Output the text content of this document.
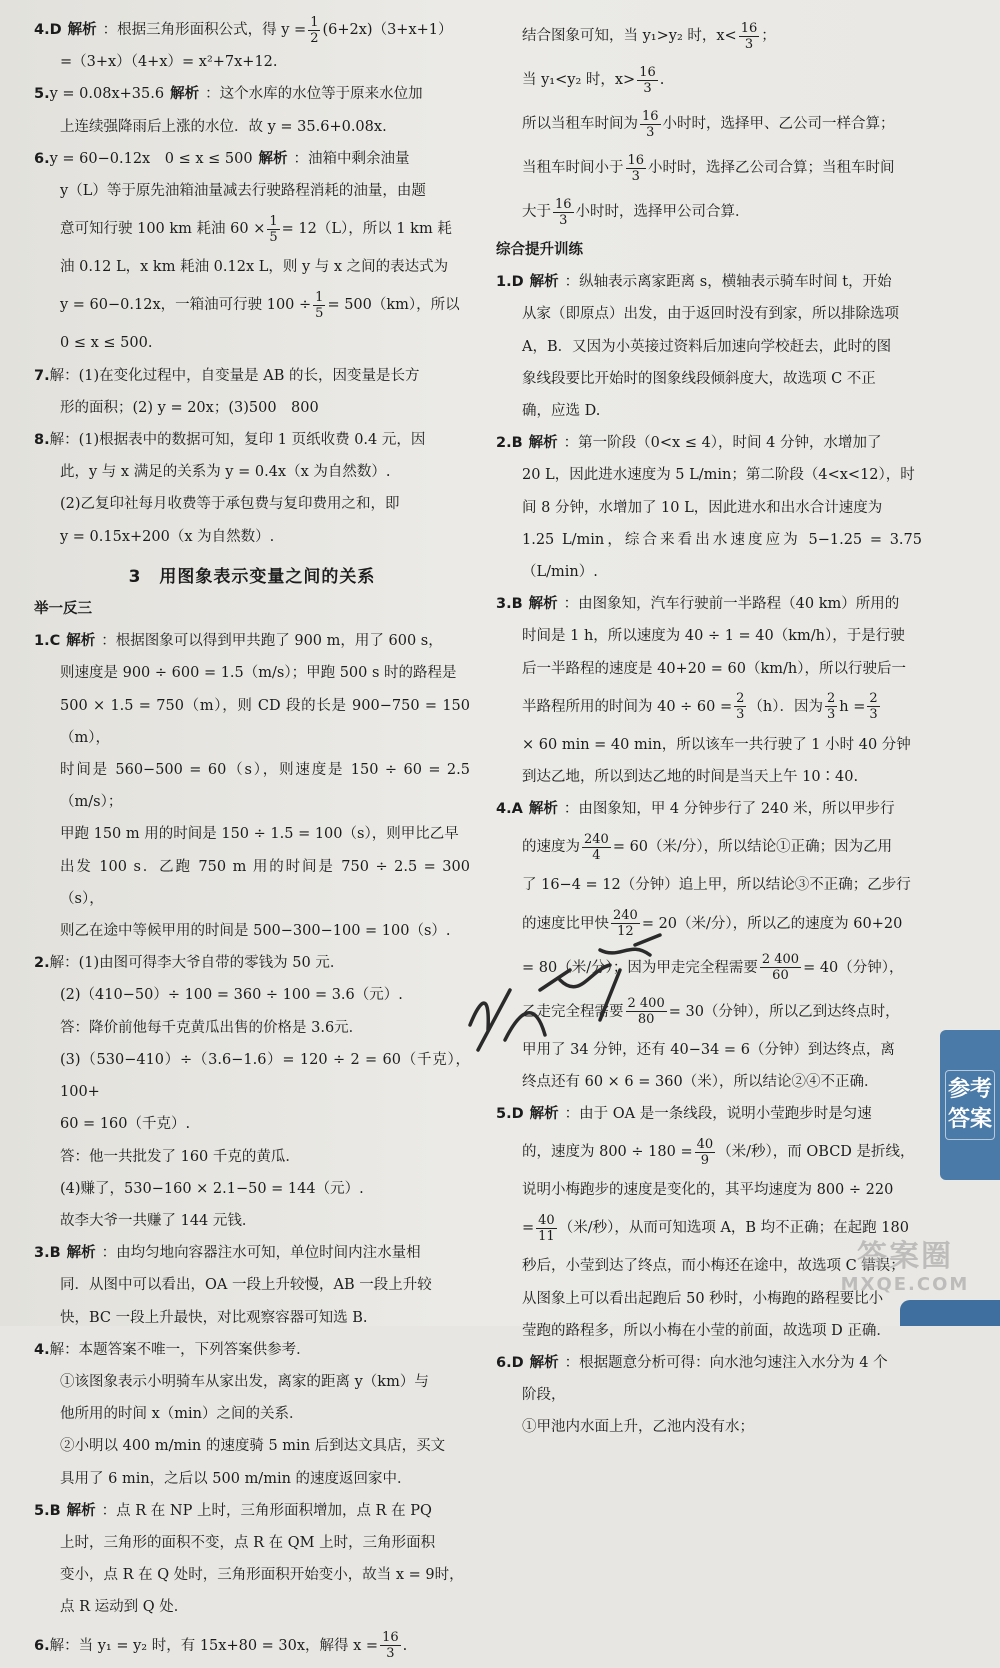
4.D 解析 ：根据三角形面积公式，得 $y = \frac{1}{2} (6+2x)(3+x+1)$

=（3+x）（4+x）= x²+7x+12.

5.y = 0.08x+35.6 解析 ：这个水库的水位等于原来水位加

上连续强降雨后上涨的水位．故 y = 35.6+0.08x.

6.y = 60−0.12x　0 ≤ x ≤ 500 解析 ：油箱中剩余油量

y（L）等于原先油箱油量减去行驶路程消耗的油量，由题

意可知行驶 100 km 耗油 $60 \times \frac{1}{5} = 12(L)$，所以 1 km 耗

油 0.12 L，x km 耗油 0.12x L，则 y 与 x 之间的表达式为

y = 60−0.12x，一箱油可行驶 $100 \div \frac{1}{5} = 500(km)$，所以

0 ≤ x ≤ 500.

7.解：(1)在变化过程中，自变量是 AB 的长，因变量是长方

形的面积；(2) y = 20x；(3)500　800

8.解：(1)根据表中的数据可知，复印 1 页纸收费 0.4 元，因

此，y 与 x 满足的关系为 y = 0.4x（x 为自然数）.

(2)乙复印社每月收费等于承包费与复印费用之和，即

y = 0.15x+200（x 为自然数）.

3　用图象表示变量之间的关系

举一反三

1.C 解析 ：根据图象可以得到甲共跑了 900 m，用了 600 s，

则速度是 900 ÷ 600 = 1.5（m/s）；甲跑 500 s 时的路程是

500 × 1.5 = 750（m），则 CD 段的长是 900−750 = 150（m），

时间是 560−500 = 60（s），则速度是 150 ÷ 60 = 2.5（m/s）；

甲跑 150 m 用的时间是 150 ÷ 1.5 = 100（s），则甲比乙早

出发 100 s．乙跑 750 m 用的时间是 750 ÷ 2.5 = 300（s），

则乙在途中等候甲用的时间是 500−300−100 = 100（s）.

2.解：(1)由图可得李大爷自带的零钱为 50 元．

(2)（410−50）÷ 100 = 360 ÷ 100 = 3.6（元）.

答：降价前他每千克黄瓜出售的价格是 3.6元．

(3)（530−410）÷（3.6−1.6）= 120 ÷ 2 = 60（千克），100+

60 = 160（千克）.

答：他一共批发了 160 千克的黄瓜．

(4)赚了，530−160 × 2.1−50 = 144（元）.

故李大爷一共赚了 144 元钱．

3.B 解析 ：由均匀地向容器注水可知，单位时间内注水量相

同．从图中可以看出，OA 一段上升较慢，AB 一段上升较

快，BC 一段上升最快，对比观察容器可知选 B.

4.解：本题答案不唯一，下列答案供参考．

①该图象表示小明骑车从家出发，离家的距离 y（km）与

他所用的时间 x（min）之间的关系．

②小明以 400 m/min 的速度骑 5 min 后到达文具店，买文

具用了 6 min，之后以 500 m/min 的速度返回家中．

5.B 解析 ：点 R 在 NP 上时，三角形面积增加，点 R 在 PQ

上时，三角形的面积不变，点 R 在 QM 上时，三角形面积

变小，点 R 在 Q 处时，三角形面积开始变小，故当 x = 9时，

点 R 运动到 Q 处．

6.解：当 y₁ = y₂ 时，有 15x+80 = 30x，解得 $x = \frac{16}{3}$ .

结合图象可知，当 y₁>y₂ 时，$x< \frac{16}{3}$ ；

当 y₁<y₂ 时，$x> \frac{16}{3}$ .

所以当租车时间为 $\frac{16}{3}$ 小时时，选择甲、乙公司一样合算；

当租车时间小于 $\frac{16}{3}$ 小时时，选择乙公司合算；当租车时间

大于 $\frac{16}{3}$ 小时时，选择甲公司合算．

综合提升训练

1.D 解析 ：纵轴表示离家距离 s，横轴表示骑车时间 t，开始

从家（即原点）出发，由于返回时没有到家，所以排除选项

A，B．又因为小英接过资料后加速向学校赶去，此时的图

象线段要比开始时的图象线段倾斜度大，故选项 C 不正

确，应选 D.

2.B 解析 ：第一阶段（0<x ≤ 4），时间 4 分钟，水增加了

20 L，因此进水速度为 5 L/min；第二阶段（4<x<12），时

间 8 分钟，水增加了 10 L，因此进水和出水合计速度为

1.25 L/min，综合来看出水速度应为 5−1.25 = 3.75（L/min）.

3.B 解析 ：由图象知，汽车行驶前一半路程（40 km）所用的

时间是 1 h，所以速度为 40 ÷ 1 = 40（km/h），于是行驶

后一半路程的速度是 40+20 = 60（km/h），所以行驶后一

半路程所用的时间为 $40 \div 60 = \frac{2}{3} (h)$．因为 $\frac{2}{3}$ $h = \frac{2}{3}$

× 60 min = 40 min，所以该车一共行驶了 1 小时 40 分钟

到达乙地，所以到达乙地的时间是当天上午 10∶40.

4.A 解析 ：由图象知，甲 4 分钟步行了 240 米，所以甲步行

的速度为 $\frac{240}{4} = 60$（米/分），所以结论①正确；因为乙用

了 16−4 = 12（分钟）追上甲，所以结论③不正确；乙步行

的速度比甲快 $\frac{240}{12} = 20$（米/分），所以乙的速度为 60+20

= 80（米/分）；因为甲走完全程需要 $\frac{2 400}{60} = 40$（分钟），

乙走完全程需要 $\frac{2 400}{80} = 30$（分钟），所以乙到达终点时，

甲用了 34 分钟，还有 40−34 = 6（分钟）到达终点，离

终点还有 60 × 6 = 360（米），所以结论②④不正确．

5.D 解析 ：由于 OA 是一条线段，说明小莹跑步时是匀速

的，速度为 $800 \div 180 = \frac{40}{9}$ （米/秒），而 OBCD 是折线，

说明小梅跑步的速度是变化的，其平均速度为 800 ÷ 220

= $\frac{40}{11}$ （米/秒），从而可知选项 A，B 均不正确；在起跑 180

秒后，小莹到达了终点，而小梅还在途中，故选项 C 错误；

从图象上可以看出起跑后 50 秒时，小梅跑的路程要比小

莹跑的路程多，所以小梅在小莹的前面，故选项 D 正确．

6.D 解析 ：根据题意分析可得：向水池匀速注入水分为 4 个

阶段，

①甲池内水面上升，乙池内没有水；

参考
答案
答案圈
MXQE.COM
